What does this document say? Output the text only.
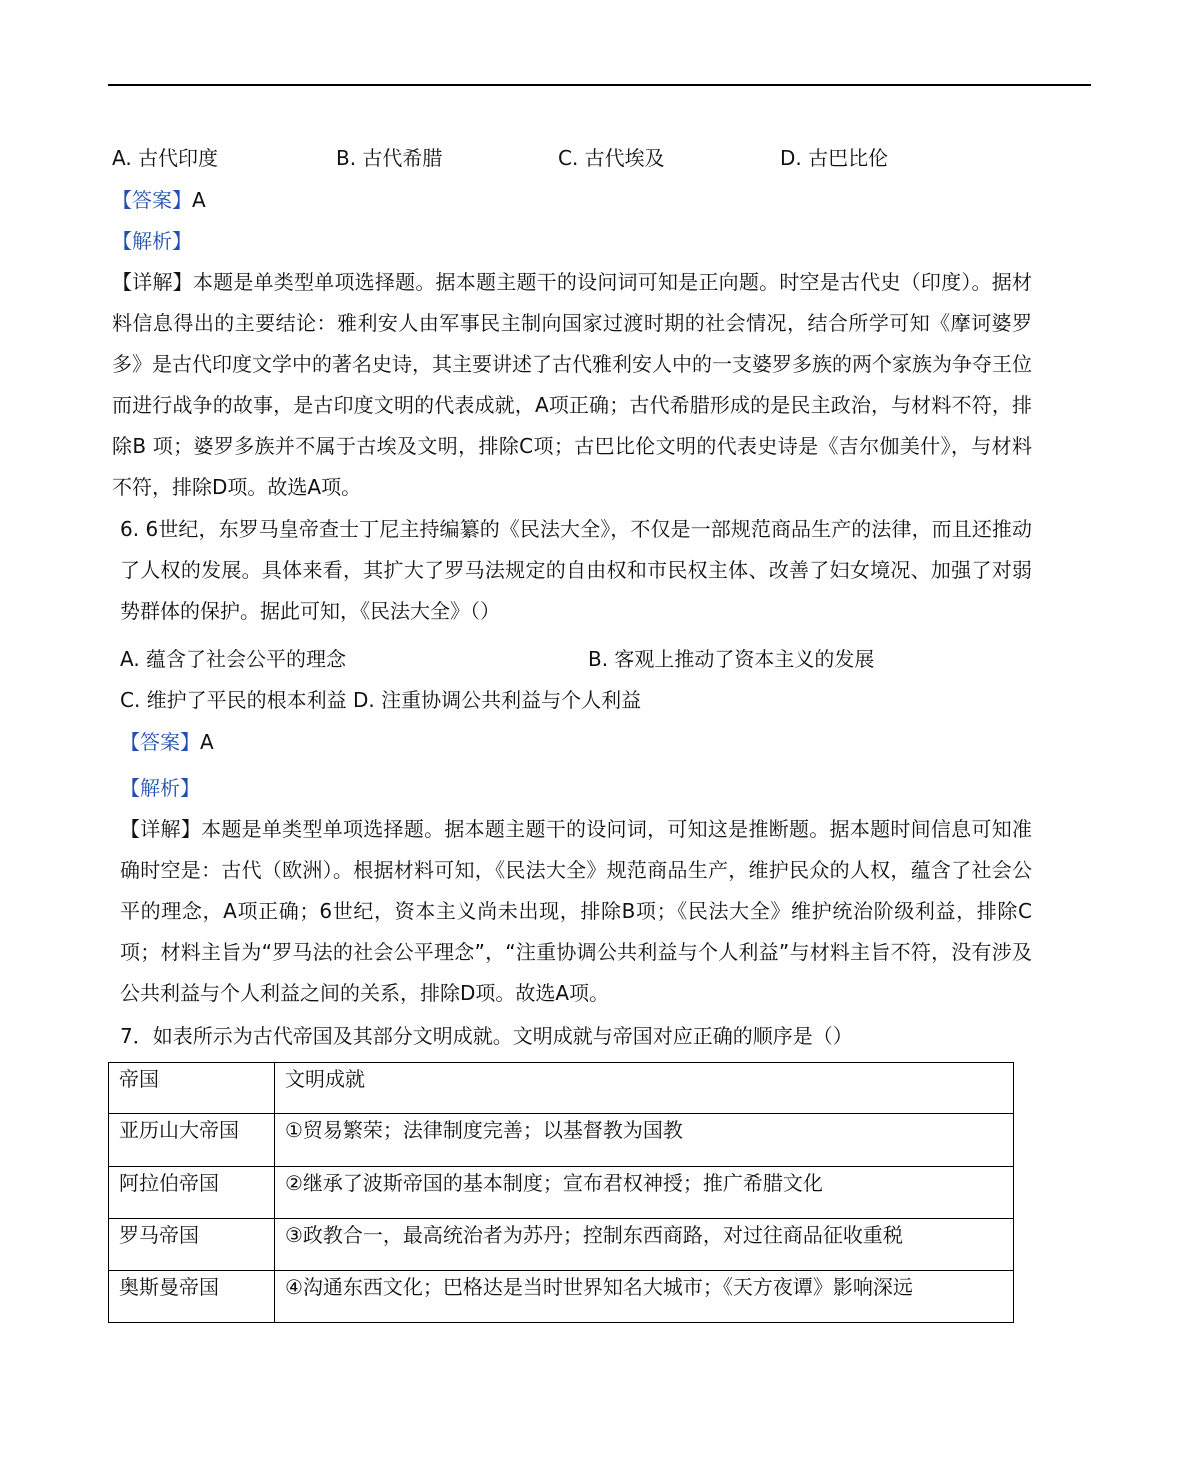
A. 古代印度	B. 古代希腊	C. 古代埃及	D. 古巴比伦
【答案】A
【解析】
【详解】本题是单类型单项选择题。据本题主题干的设问词可知是正向题。时空是古代史（印度）。据材料信息得出的主要结论：雅利安人由军事民主制向国家过渡时期的社会情况，结合所学可知《摩诃婆罗多》是古代印度文学中的著名史诗，其主要讲述了古代雅利安人中的一支婆罗多族的两个家族为争夺王位而进行战争的故事，是古印度文明的代表成就，A项正确；古代希腊形成的是民主政治，与材料不符，排除B 项；婆罗多族并不属于古埃及文明，排除C项；古巴比伦文明的代表史诗是《吉尔伽美什》，与材料不符，排除D项。故选A项。
6. 6世纪，东罗马皇帝查士丁尼主持编纂的《民法大全》，不仅是一部规范商品生产的法律，而且还推动了人权的发展。具体来看，其扩大了罗马法规定的自由权和市民权主体、改善了妇女境况、加强了对弱势群体的保护。据此可知，《民法大全》（）
A. 蕴含了社会公平的理念	B. 客观上推动了资本主义的发展
C. 维护了平民的根本利益 D. 注重协调公共利益与个人利益
【答案】A
【解析】
【详解】本题是单类型单项选择题。据本题主题干的设问词，可知这是推断题。据本题时间信息可知准确时空是：古代（欧洲）。根据材料可知，《民法大全》规范商品生产，维护民众的人权，蕴含了社会公平的理念，A项正确；6世纪，资本主义尚未出现，排除B项；《民法大全》维护统治阶级利益，排除C项；材料主旨为“罗马法的社会公平理念”，“注重协调公共利益与个人利益”与材料主旨不符，没有涉及公共利益与个人利益之间的关系，排除D项。故选A项。
7．如表所示为古代帝国及其部分文明成就。文明成就与帝国对应正确的顺序是（）
帝国	文明成就
亚历山大帝国	①贸易繁荣；法律制度完善；以基督教为国教
阿拉伯帝国	②继承了波斯帝国的基本制度；宣布君权神授；推广希腊文化
罗马帝国	③政教合一，最高统治者为苏丹；控制东西商路，对过往商品征收重税
奥斯曼帝国	④沟通东西文化；巴格达是当时世界知名大城市；《天方夜谭》影响深远
